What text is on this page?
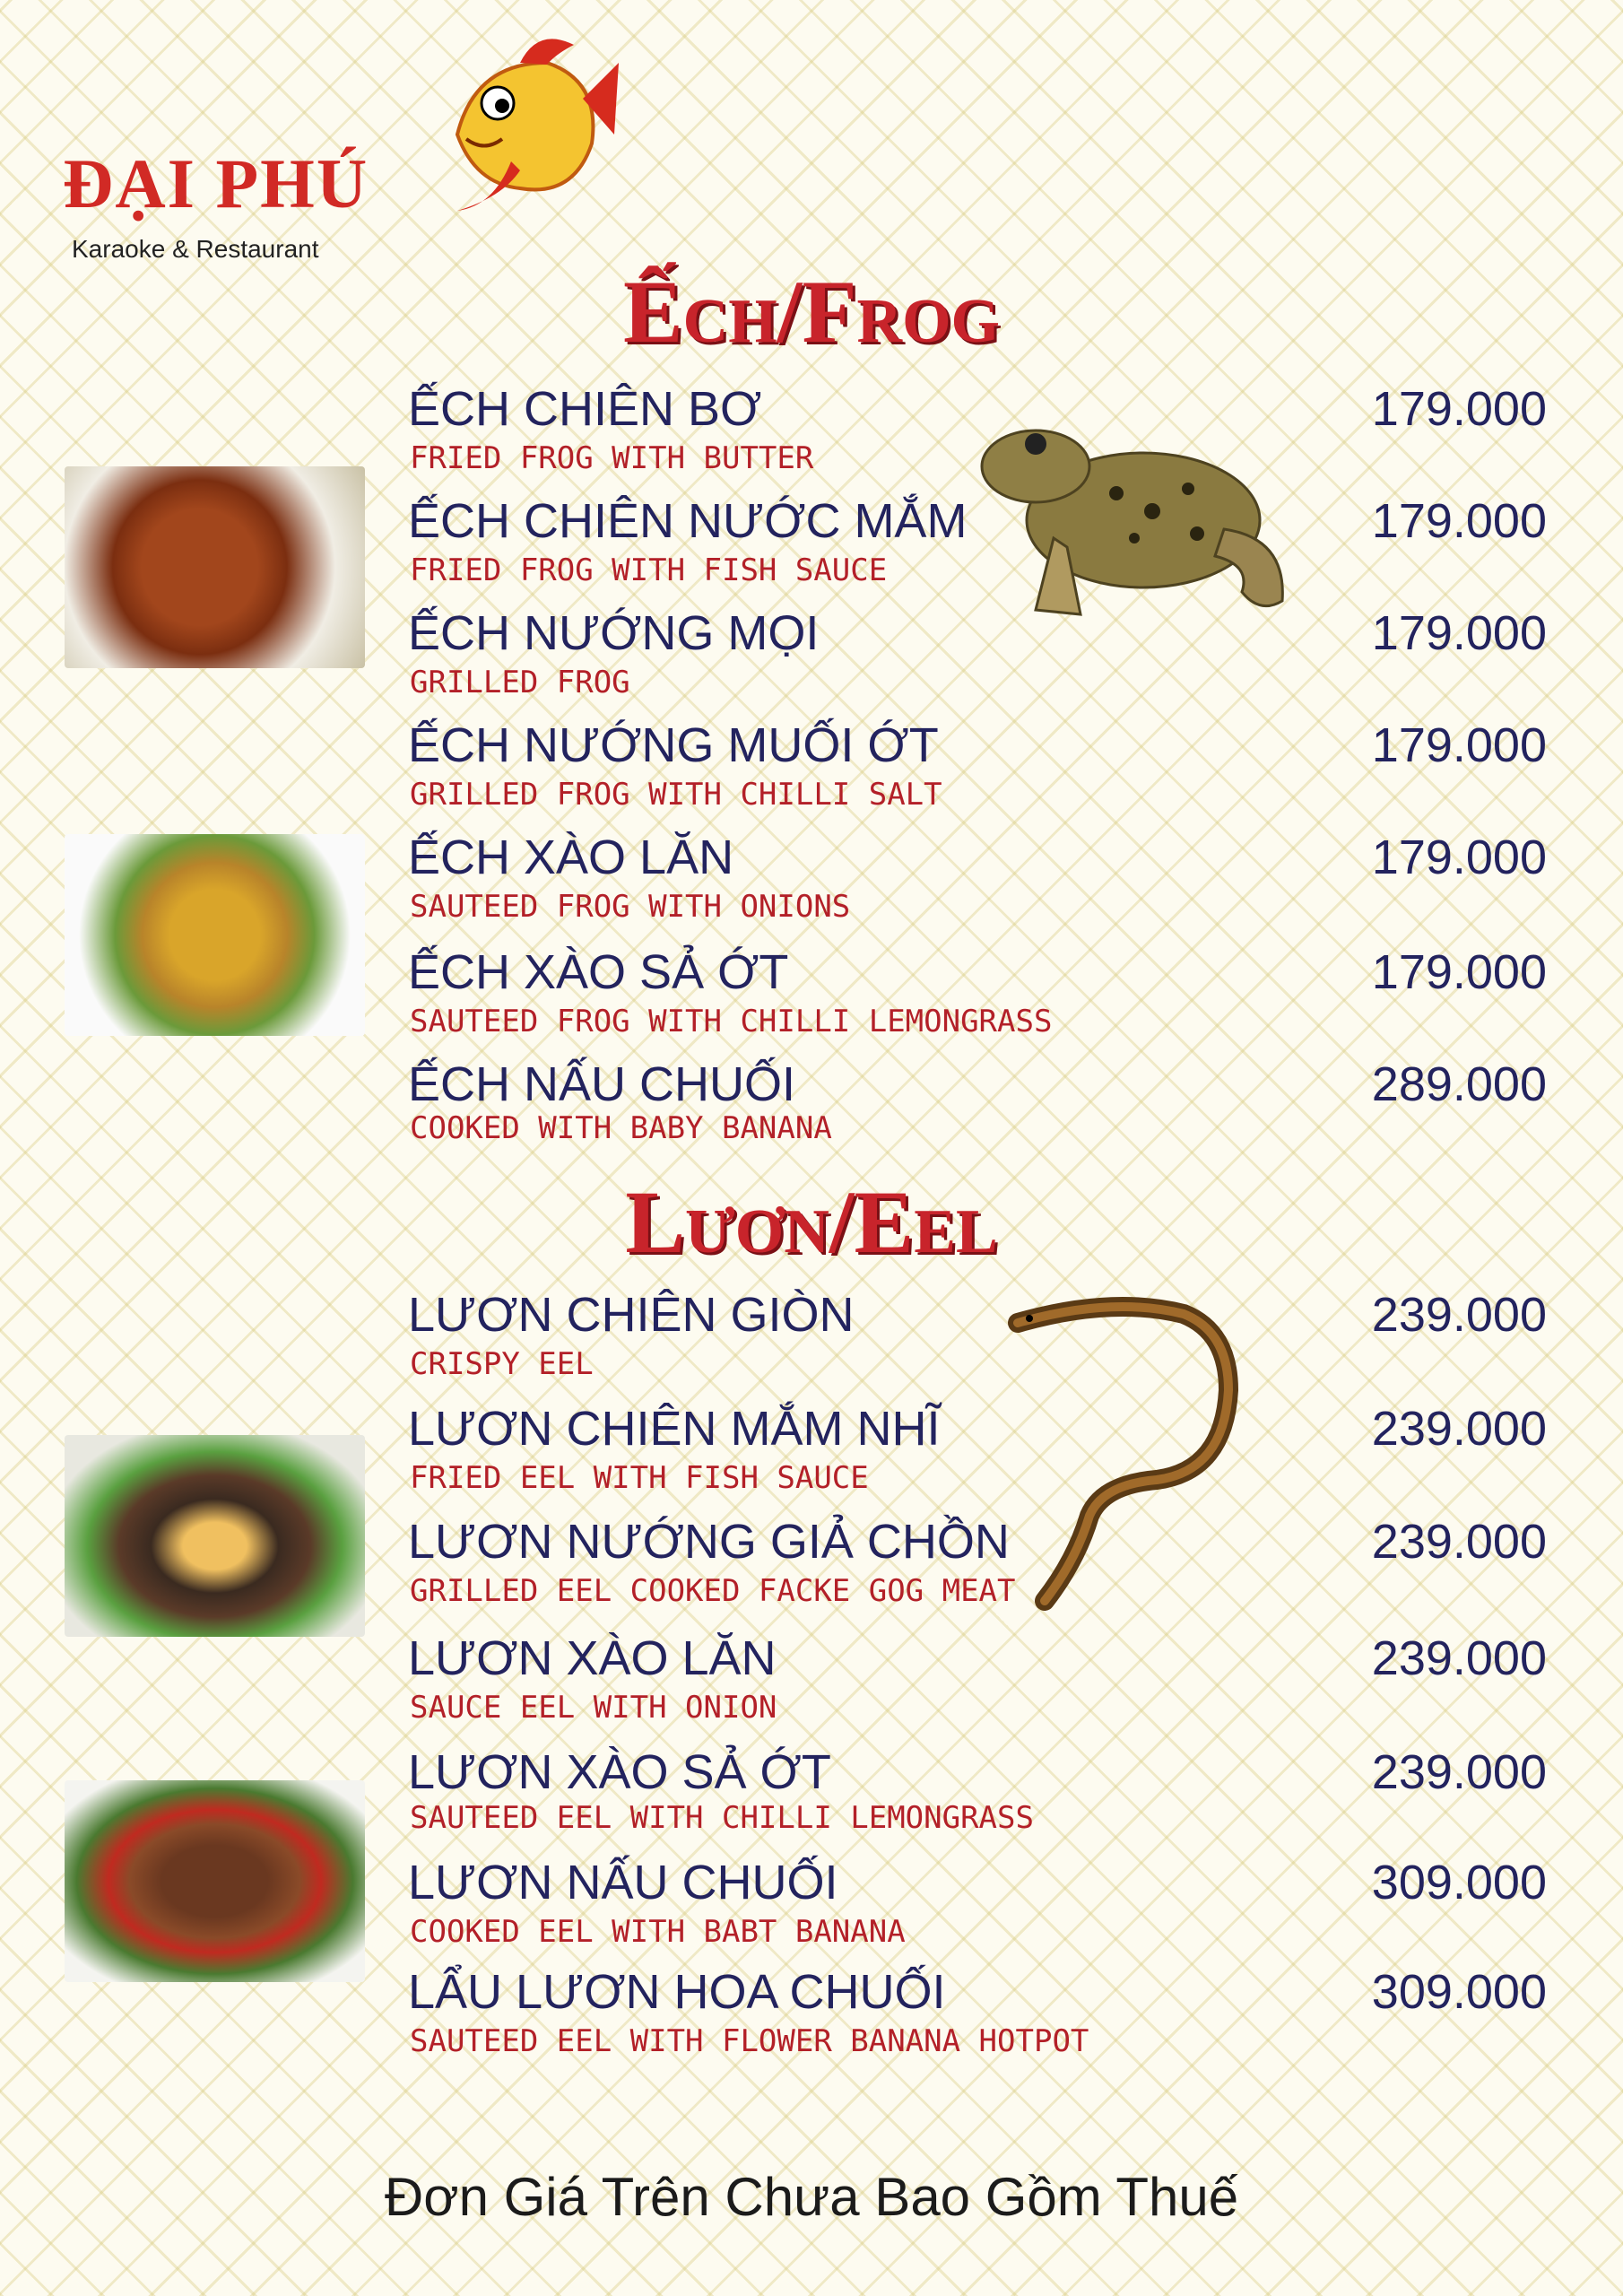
ĐẠI PHÚ
Karaoke & Restaurant
Ếch/Frog
ẾCH CHIÊN BƠ
FRIED FROG WITH BUTTER
179.000
ẾCH CHIÊN NƯỚC MẮM
FRIED FROG WITH FISH SAUCE
179.000
ẾCH NƯỚNG MỌI
GRILLED FROG
179.000
ẾCH NƯỚNG MUỐI ỚT
GRILLED FROG WITH CHILLI SALT
179.000
ẾCH XÀO LĂN
SAUTEED FROG WITH ONIONS
179.000
ẾCH XÀO SẢ ỚT
SAUTEED FROG WITH CHILLI LEMONGRASS
179.000
ẾCH NẤU CHUỐI
COOKED WITH BABY BANANA
289.000
Lươn/Eel
LƯƠN CHIÊN GIÒN
CRISPY EEL
239.000
LƯƠN CHIÊN MẮM NHĨ
FRIED EEL WITH FISH SAUCE
239.000
LƯƠN NƯỚNG GIẢ CHỒN
GRILLED EEL COOKED FACKE GOG MEAT
239.000
LƯƠN XÀO LĂN
SAUCE EEL WITH ONION
239.000
LƯƠN XÀO SẢ ỚT
SAUTEED EEL WITH CHILLI LEMONGRASS
239.000
LƯƠN NẤU CHUỐI
COOKED EEL WITH BABT BANANA
309.000
LẨU LƯƠN HOA CHUỐI
SAUTEED EEL WITH FLOWER BANANA HOTPOT
309.000
Đơn Giá Trên Chưa Bao Gồm Thuế
